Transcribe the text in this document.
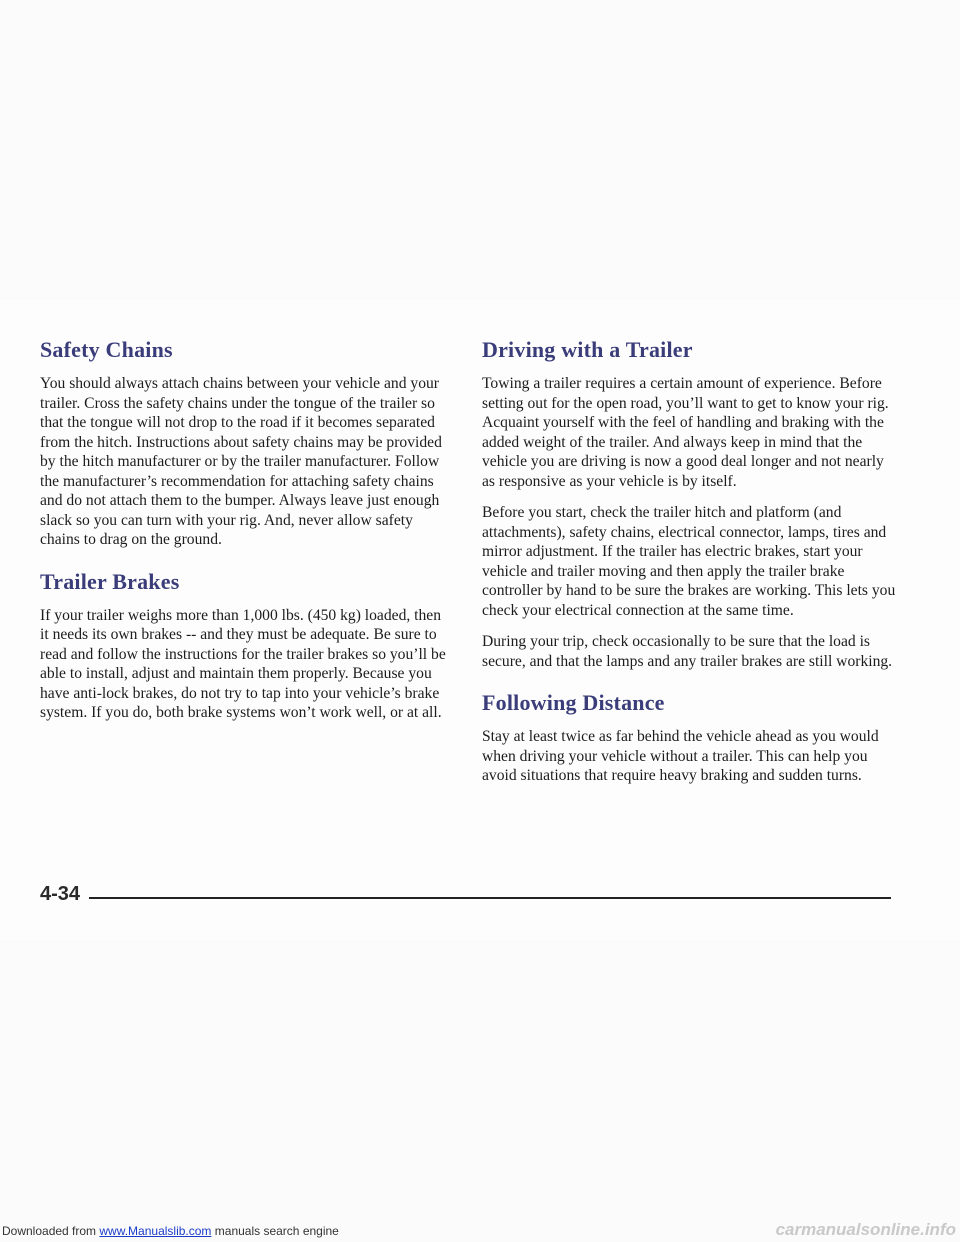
Safety Chains

You should always attach chains between your vehicle and your trailer. Cross the safety chains under the tongue of the trailer so that the tongue will not drop to the road if it becomes separated from the hitch. Instructions about safety chains may be provided by the hitch manufacturer or by the trailer manufacturer. Follow the manufacturer’s recommendation for attaching safety chains and do not attach them to the bumper. Always leave just enough slack so you can turn with your rig. And, never allow safety chains to drag on the ground.

Trailer Brakes

If your trailer weighs more than 1,000 lbs. (450 kg) loaded, then it needs its own brakes -- and they must be adequate. Be sure to read and follow the instructions for the trailer brakes so you’ll be able to install, adjust and maintain them properly. Because you have anti-lock brakes, do not try to tap into your vehicle’s brake system. If you do, both brake systems won’t work well, or at all.

Driving with a Trailer

Towing a trailer requires a certain amount of experience. Before setting out for the open road, you’ll want to get to know your rig. Acquaint yourself with the feel of handling and braking with the added weight of the trailer. And always keep in mind that the vehicle you are driving is now a good deal longer and not nearly as responsive as your vehicle is by itself.

Before you start, check the trailer hitch and platform (and attachments), safety chains, electrical connector, lamps, tires and mirror adjustment. If the trailer has electric brakes, start your vehicle and trailer moving and then apply the trailer brake controller by hand to be sure the brakes are working. This lets you check your electrical connection at the same time.

During your trip, check occasionally to be sure that the load is secure, and that the lamps and any trailer brakes are still working.

Following Distance

Stay at least twice as far behind the vehicle ahead as you would when driving your vehicle without a trailer. This can help you avoid situations that require heavy braking and sudden turns.

4-34
Downloaded from www.Manualslib.com manuals search engine	carmanualsonline.info
